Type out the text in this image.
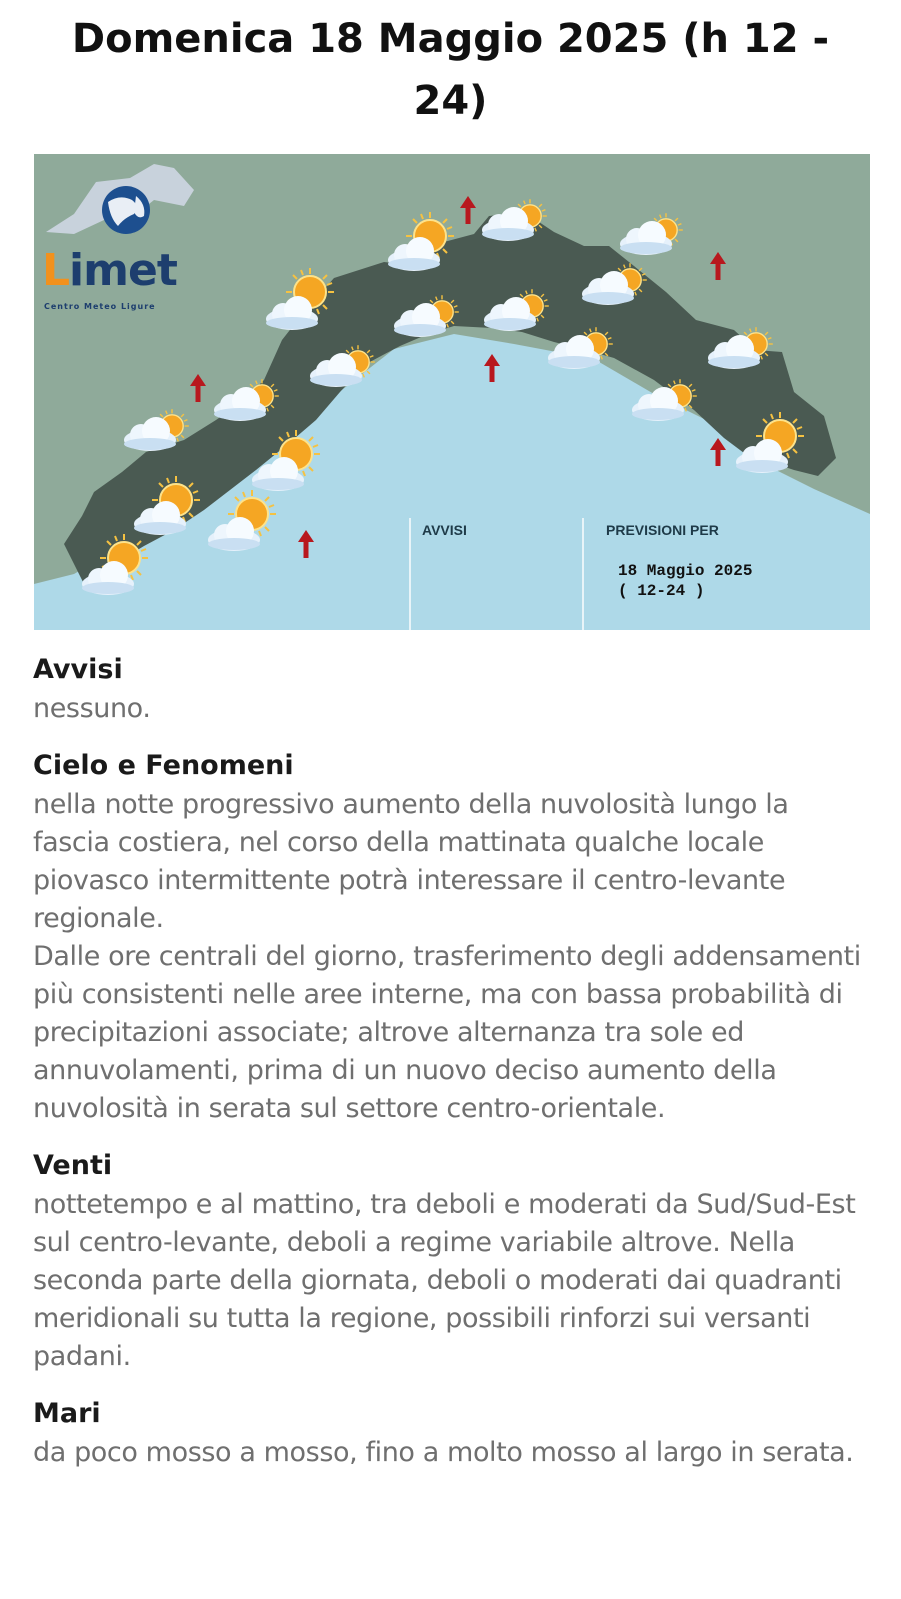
Domenica 18 Maggio 2025 (h 12 - 24)
Limet
Centro Meteo Ligure
AVVISI	PREVISIONI PER
18 Maggio 2025
( 12-24 )
Avvisi

nessuno.

Cielo e Fenomeni

nella notte progressivo aumento della nuvolosità lungo la fascia costiera, nel corso della mattinata qualche locale piovasco intermittente potrà interessare il centro-levante regionale.

Dalle ore centrali del giorno, trasferimento degli addensamenti più consistenti nelle aree interne, ma con bassa probabilità di precipitazioni associate; altrove alternanza tra sole ed annuvolamenti, prima di un nuovo deciso aumento della nuvolosità in serata sul settore centro-orientale.

Venti

nottetempo e al mattino, tra deboli e moderati da Sud/Sud-Est sul centro-levante, deboli a regime variabile altrove. Nella seconda parte della giornata, deboli o moderati dai quadranti meridionali su tutta la regione, possibili rinforzi sui versanti padani.

Mari

da poco mosso a mosso, fino a molto mosso al largo in serata.
